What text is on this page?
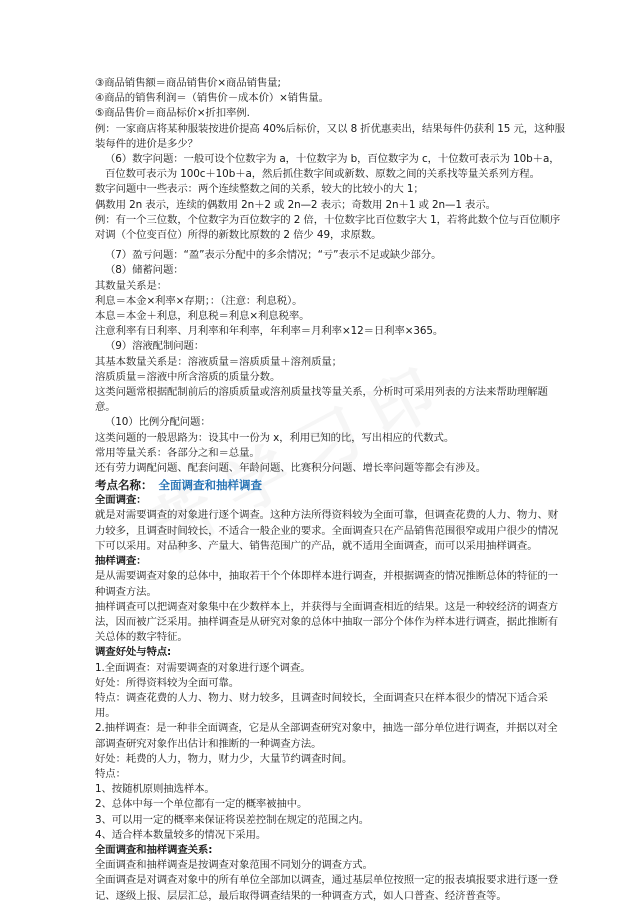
③商品销售额＝商品销售价×商品销售量;

④商品的销售利润＝（销售价－成本价）×销售量。

⑤商品售价＝商品标价×折扣率例.

例：一家商店将某种服装按进价提高 40%后标价，又以 8 折优惠卖出，结果每件仍获利 15 元，这种服装每件的进价是多少？

（6）数字问题：一般可设个位数字为 a，十位数字为 b，百位数字为 c，十位数可表示为 10b＋a，　百位数可表示为 100c＋10b＋a，然后抓住数字间或新数、原数之间的关系找等量关系列方程。

数字问题中一些表示：两个连续整数之间的关系，较大的比较小的大 1；

偶数用 2n 表示，连续的偶数用 2n＋2 或 2n—2 表示；奇数用 2n＋1 或 2n—1 表示。

例：有一个三位数，个位数字为百位数字的 2 倍，十位数字比百位数字大 1，若将此数个位与百位顺序对调（个位变百位）所得的新数比原数的 2 倍少 49，求原数。

（7）盈亏问题：“盈”表示分配中的多余情况；“亏”表示不足或缺少部分。

（8）储蓄问题：

其数量关系是：

利息＝本金×利率×存期；：（注意：利息税）。

本息＝本金＋利息，利息税＝利息×利息税率。

注意利率有日利率、月利率和年利率，年利率＝月利率×12＝日利率×365。

（9）溶液配制问题：

其基本数量关系是：溶液质量＝溶质质量＋溶剂质量；

溶质质量＝溶液中所含溶质的质量分数。

这类问题常根据配制前后的溶质质量或溶剂质量找等量关系，分析时可采用列表的方法来帮助理解题意。

（10）比例分配问题：

这类问题的一般思路为：设其中一份为 x，利用已知的比，写出相应的代数式。

常用等量关系：各部分之和＝总量。

还有劳力调配问题、配套问题、年龄问题、比赛积分问题、增长率问题等都会有涉及。

考点名称： 全面调查和抽样调查

全面调查：

就是对需要调查的对象进行逐个调查。这种方法所得资料较为全面可靠，但调查花费的人力、物力、财力较多，且调查时间较长，不适合一般企业的要求。全面调查只在产品销售范围很窄或用户很少的情况下可以采用。对品种多、产量大、销售范围广的产品，就不适用全面调查，而可以采用抽样调查。

抽样调查：

是从需要调查对象的总体中，抽取若干个个体即样本进行调查，并根据调查的情况推断总体的特征的一种调查方法。

抽样调查可以把调查对象集中在少数样本上，并获得与全面调查相近的结果。这是一种较经济的调查方法，因而被广泛采用。抽样调查是从研究对象的总体中抽取一部分个体作为样本进行调查，据此推断有关总体的数字特征。

调查好处与特点:

1.全面调查：对需要调查的对象进行逐个调查。

好处：所得资料较为全面可靠。

特点：调查花费的人力、物力、财力较多，且调查时间较长，全面调查只在样本很少的情况下适合采用。

2.抽样调查：是一种非全面调查，它是从全部调查研究对象中，抽选一部分单位进行调查，并据以对全部调查研究对象作出估计和推断的一种调查方法。

好处：耗费的人力，物力，财力少，大量节约调查时间。

特点：

1、按随机原则抽选样本。

2、总体中每一个单位都有一定的概率被抽中。

3、可以用一定的概率来保证将误差控制在规定的范围之内。

4、适合样本数量较多的情况下采用。

全面调查和抽样调查关系:

全面调查和抽样调查是按调查对象范围不同划分的调查方式。

全面调查是对调查对象中的所有单位全部加以调查，通过基层单位按照一定的报表填报要求进行逐一登记、逐级上报、层层汇总，最后取得调查结果的一种调查方式，如人口普查、经济普查等。
